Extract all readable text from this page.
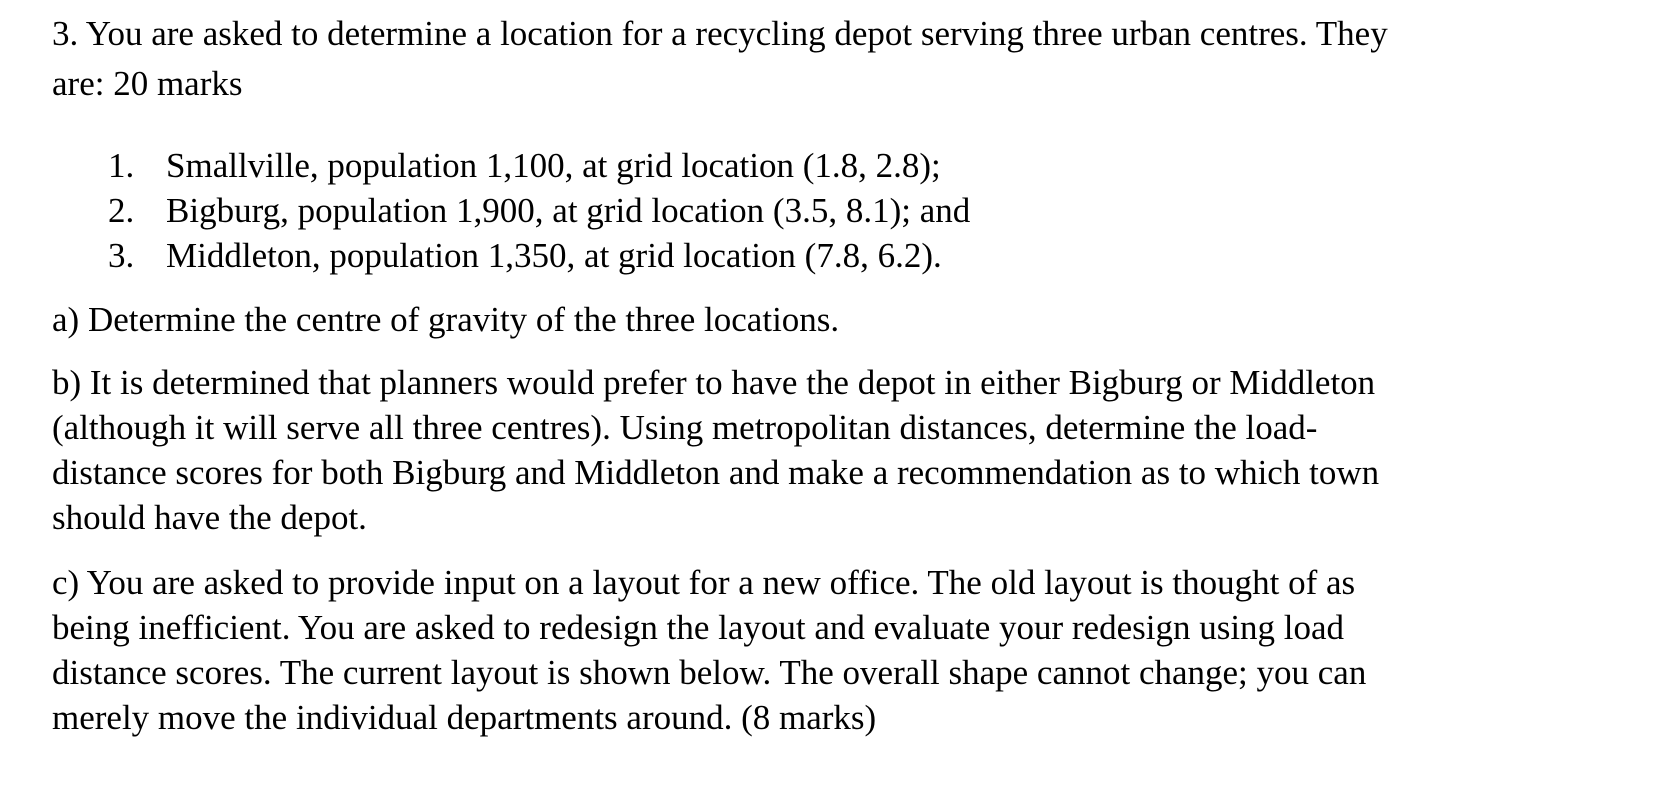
3. You are asked to determine a location for a recycling depot serving three urban centres. They

are: 20 marks

1. Smallville, population 1,100, at grid location (1.8, 2.8);
2. Bigburg, population 1,900, at grid location (3.5, 8.1); and
3. Middleton, population 1,350, at grid location (7.8, 6.2).

a) Determine the centre of gravity of the three locations.

b) It is determined that planners would prefer to have the depot in either Bigburg or Middleton
(although it will serve all three centres). Using metropolitan distances, determine the load-
distance scores for both Bigburg and Middleton and make a recommendation as to which town
should have the depot.
c) You are asked to provide input on a layout for a new office. The old layout is thought of as
being inefficient. You are asked to redesign the layout and evaluate your redesign using load
distance scores. The current layout is shown below. The overall shape cannot change; you can
merely move the individual departments around. (8 marks)
